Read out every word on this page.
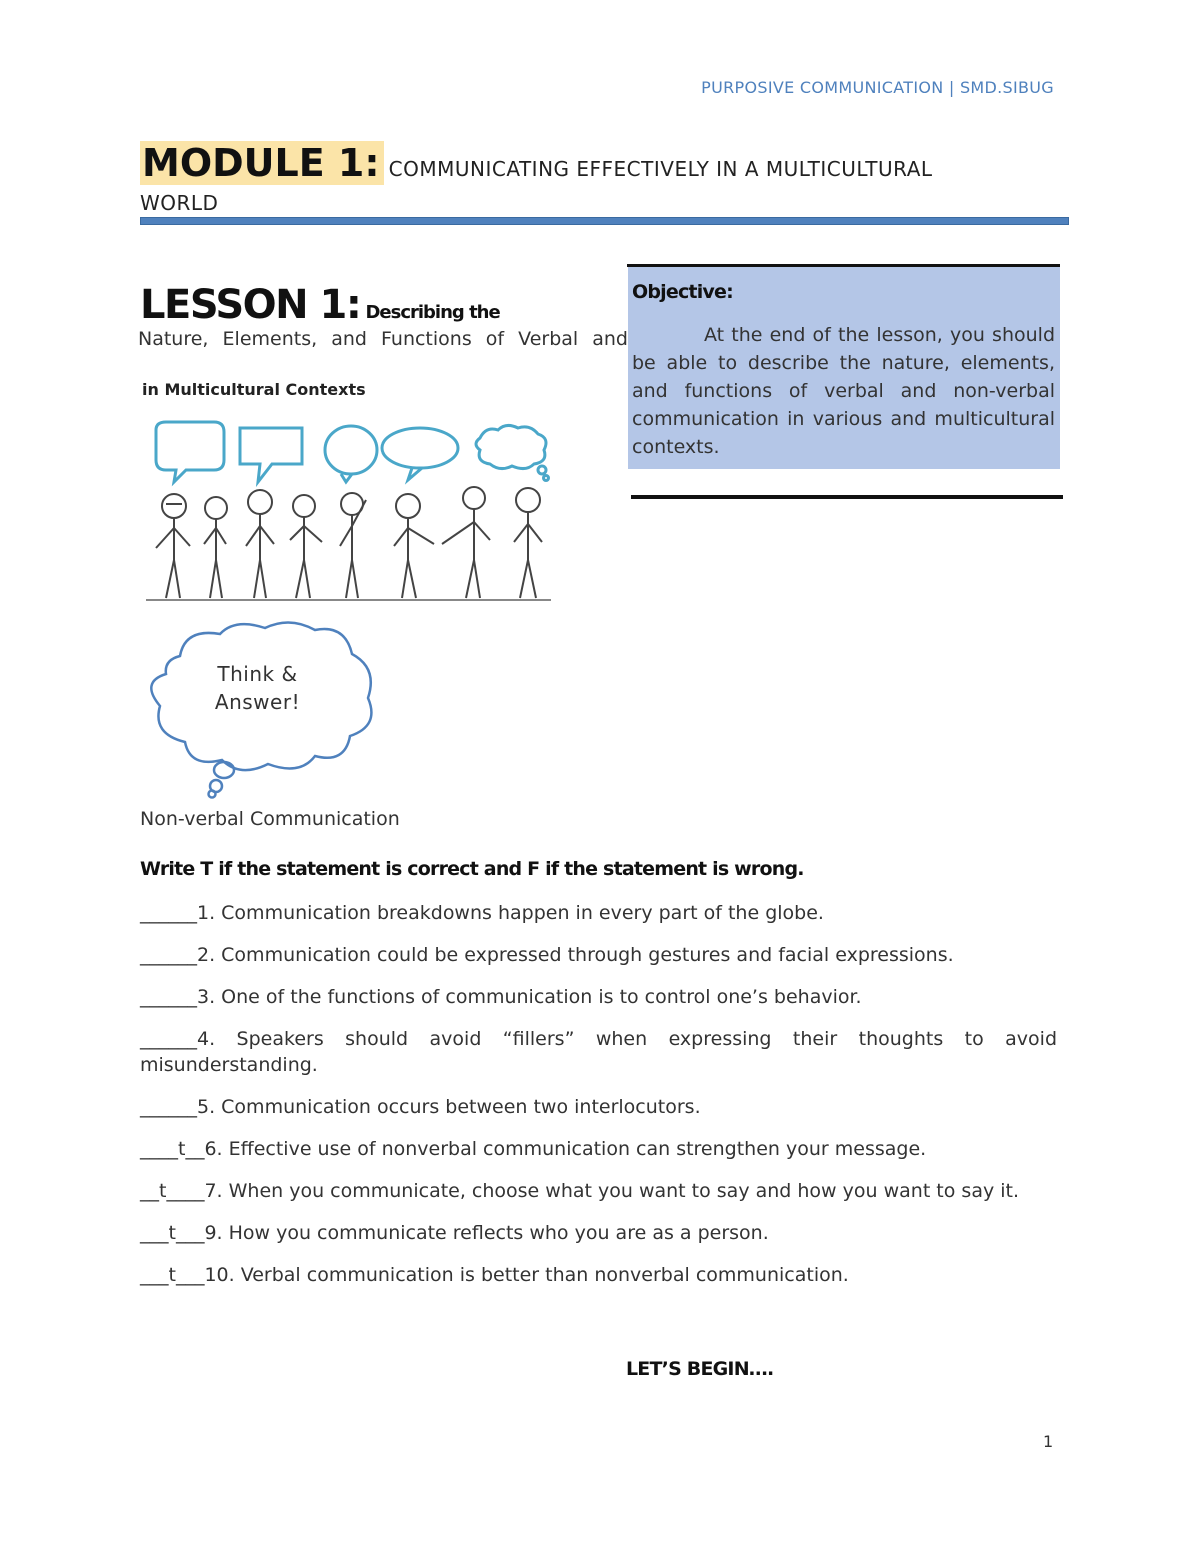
PURPOSIVE COMMUNICATION | SMD.SIBUG
MODULE 1: COMMUNICATING EFFECTIVELY IN A MULTICULTURAL
WORLD
LESSON 1: Describing the
Nature, Elements, and Functions of Verbal and
in Multicultural Contexts
Objective:
At the end of the lesson, you should be able to describe the nature, elements, and functions of verbal and non-verbal communication in various and multicultural contexts.
Think &
Answer!
Non-verbal Communication
Write T if the statement is correct and F if the statement is wrong.
______1. Communication breakdowns happen in every part of the globe.
______2. Communication could be expressed through gestures and facial expressions.
______3. One of the functions of communication is to control one’s behavior.
______4. Speakers should avoid “fillers” when expressing their thoughts to avoid misunderstanding.
______5. Communication occurs between two interlocutors.
____t__6. Effective use of nonverbal communication can strengthen your message.
__t____7. When you communicate, choose what you want to say and how you want to say it.
___t___9. How you communicate reflects who you are as a person.
___t___10. Verbal communication is better than nonverbal communication.
LET’S BEGIN….
1
